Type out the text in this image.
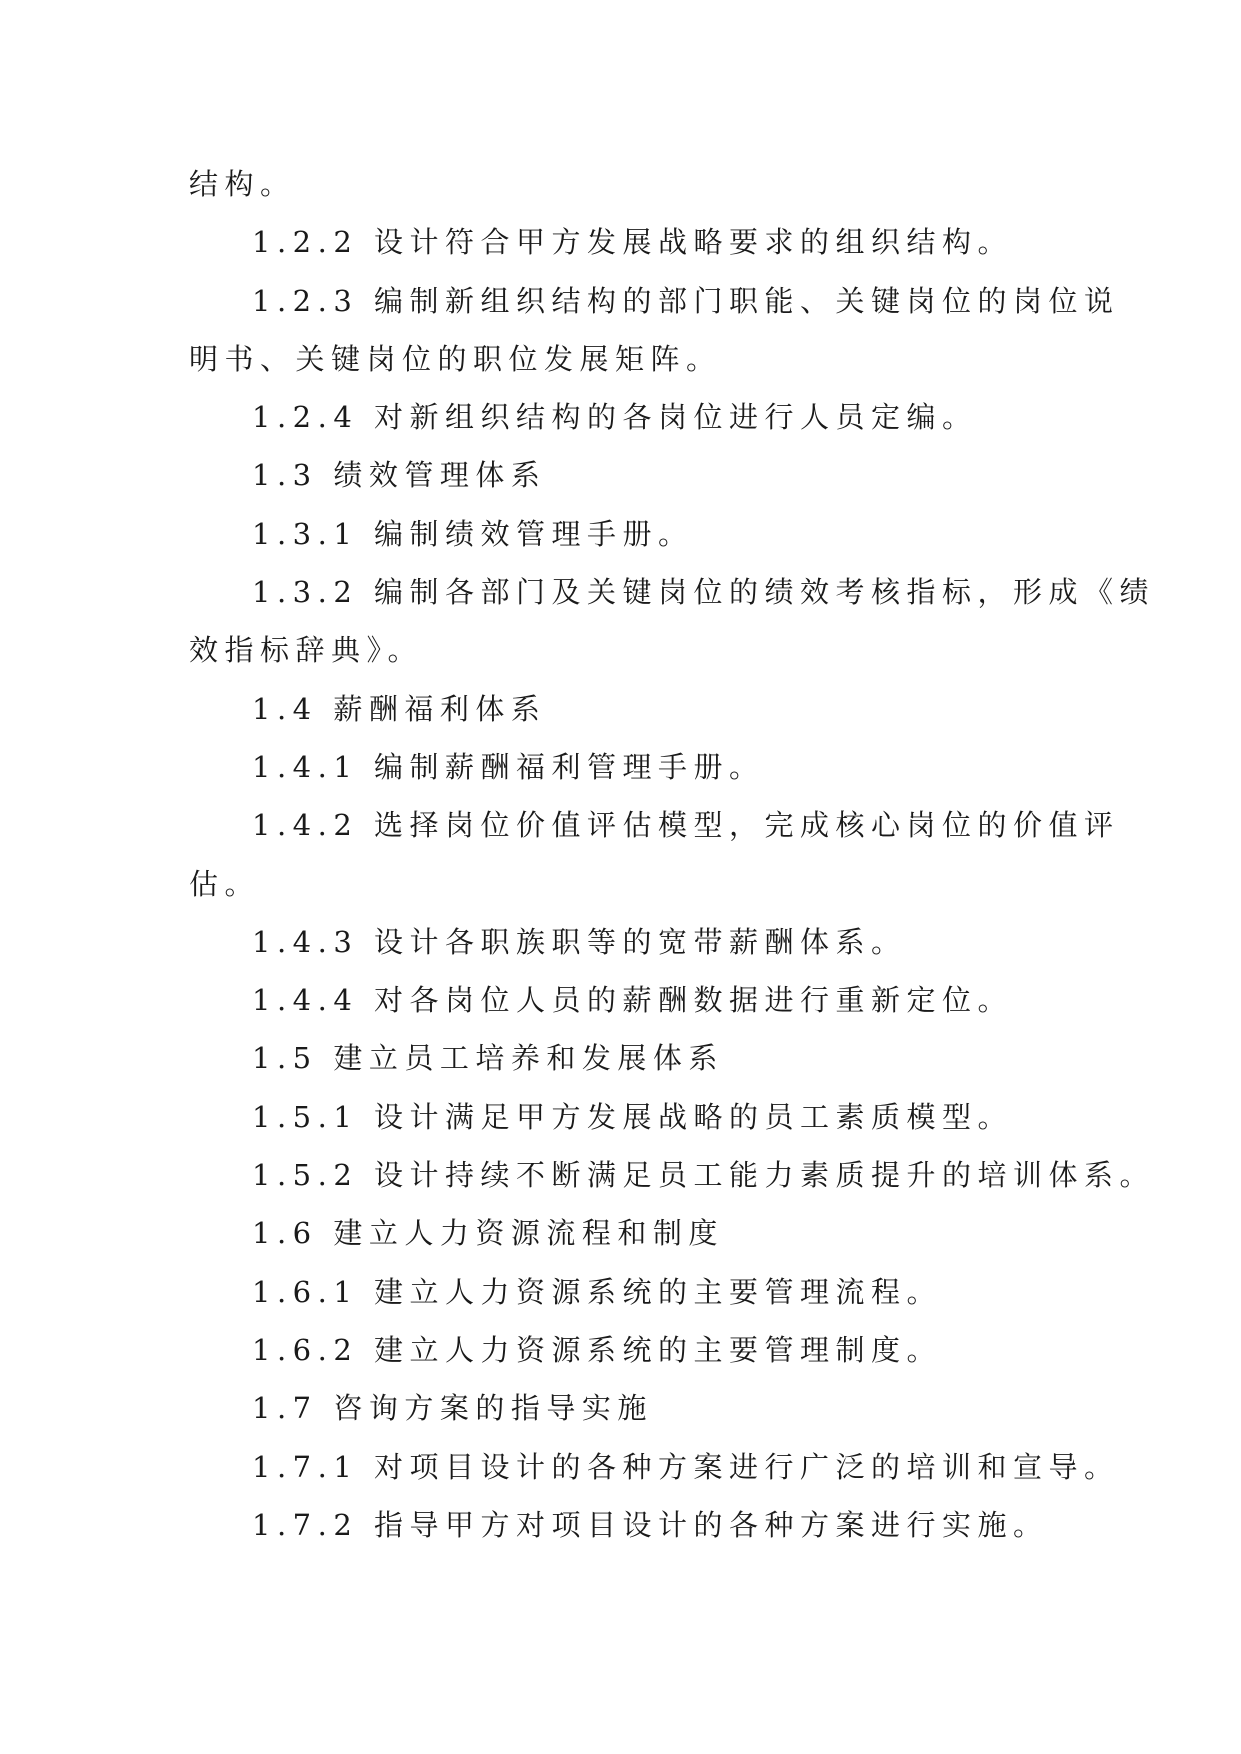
结构。

1.2.2 设计符合甲方发展战略要求的组织结构。

1.2.3 编制新组织结构的部门职能、关键岗位的岗位说

明书、关键岗位的职位发展矩阵。

1.2.4 对新组织结构的各岗位进行人员定编。

1.3 绩效管理体系

1.3.1 编制绩效管理手册。

1.3.2 编制各部门及关键岗位的绩效考核指标，形成《绩

效指标辞典》。

1.4 薪酬福利体系

1.4.1 编制薪酬福利管理手册。

1.4.2 选择岗位价值评估模型，完成核心岗位的价值评

估。

1.4.3 设计各职族职等的宽带薪酬体系。

1.4.4 对各岗位人员的薪酬数据进行重新定位。

1.5 建立员工培养和发展体系

1.5.1 设计满足甲方发展战略的员工素质模型。

1.5.2 设计持续不断满足员工能力素质提升的培训体系。

1.6 建立人力资源流程和制度

1.6.1 建立人力资源系统的主要管理流程。

1.6.2 建立人力资源系统的主要管理制度。

1.7 咨询方案的指导实施

1.7.1 对项目设计的各种方案进行广泛的培训和宣导。

1.7.2 指导甲方对项目设计的各种方案进行实施。
